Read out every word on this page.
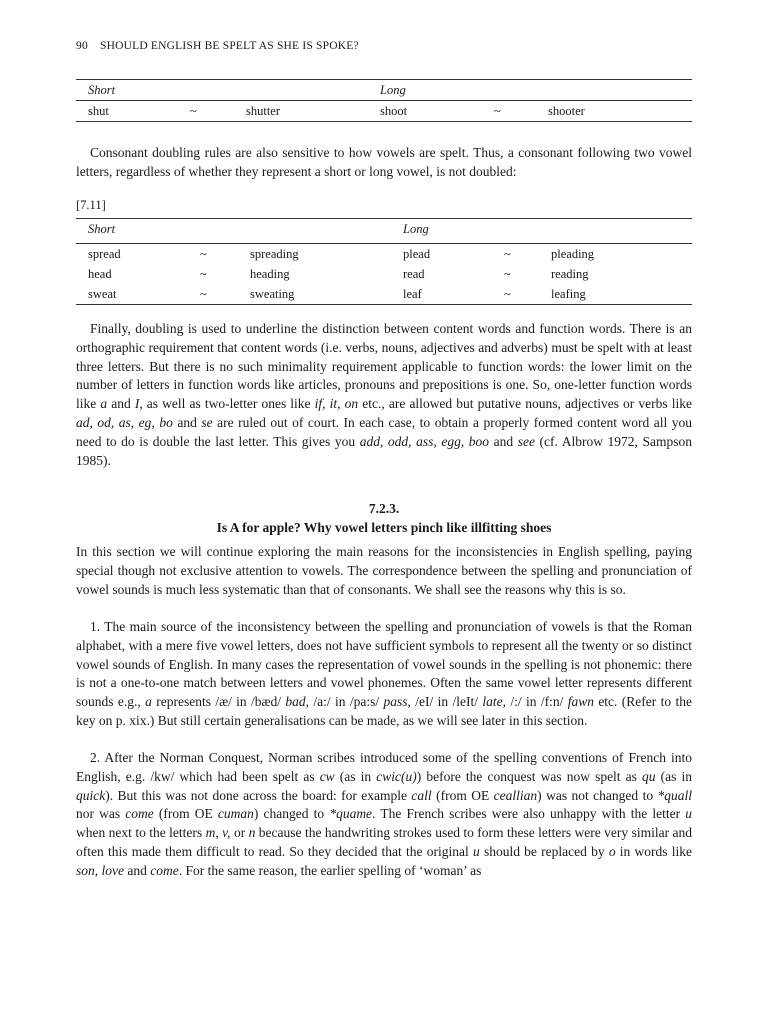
90 SHOULD ENGLISH BE SPELT AS SHE IS SPOKE?
Short	Long
shut	~	shutter	shoot	~	shooter

Consonant doubling rules are also sensitive to how vowels are spelt. Thus, a consonant following two vowel letters, regardless of whether they represent a short or long vowel, is not doubled:

[7.11]
Short	Long
spread	~	spreading	plead	~	pleading
head	~	heading	read	~	reading
sweat	~	sweating	leaf	~	leafing

Finally, doubling is used to underline the distinction between content words and function words. There is an orthographic requirement that content words (i.e. verbs, nouns, adjectives and adverbs) must be spelt with at least three letters. But there is no such minimality requirement applicable to function words: the lower limit on the number of letters in function words like articles, pronouns and prepositions is one. So, one-letter function words like a and I, as well as two-letter ones like if, it, on etc., are allowed but putative nouns, adjectives or verbs like ad, od, as, eg, bo and se are ruled out of court. In each case, to obtain a properly formed content word all you need to do is double the last letter. This gives you add, odd, ass, egg, boo and see (cf. Albrow 1972, Sampson 1985).

7.2.3.
Is A for apple? Why vowel letters pinch like illfitting shoes

In this section we will continue exploring the main reasons for the inconsistencies in English spelling, paying special though not exclusive attention to vowels. The correspondence between the spelling and pronunciation of vowel sounds is much less systematic than that of consonants. We shall see the reasons why this is so.

1. The main source of the inconsistency between the spelling and pronunciation of vowels is that the Roman alphabet, with a mere five vowel letters, does not have sufficient symbols to represent all the twenty or so distinct vowel sounds of English. In many cases the representation of vowel sounds in the spelling is not phonemic: there is not a one-to-one match between letters and vowel phonemes. Often the same vowel letter represents different sounds e.g., a represents /æ/ in /bæd/ bad, /a:/ in /pa:s/ pass, /eI/ in /leIt/ late, /:/ in /f:n/ fawn etc. (Refer to the key on p. xix.) But still certain generalisations can be made, as we will see later in this section.

2. After the Norman Conquest, Norman scribes introduced some of the spelling conventions of French into English, e.g. /kw/ which had been spelt as cw (as in cwic(u)) before the conquest was now spelt as qu (as in quick). But this was not done across the board: for example call (from OE ceallian) was not changed to *quall nor was come (from OE cuman) changed to *quame. The French scribes were also unhappy with the letter u when next to the letters m, v, or n because the handwriting strokes used to form these letters were very similar and often this made them difficult to read. So they decided that the original u should be replaced by o in words like son, love and come. For the same reason, the earlier spelling of ‘woman’ as
